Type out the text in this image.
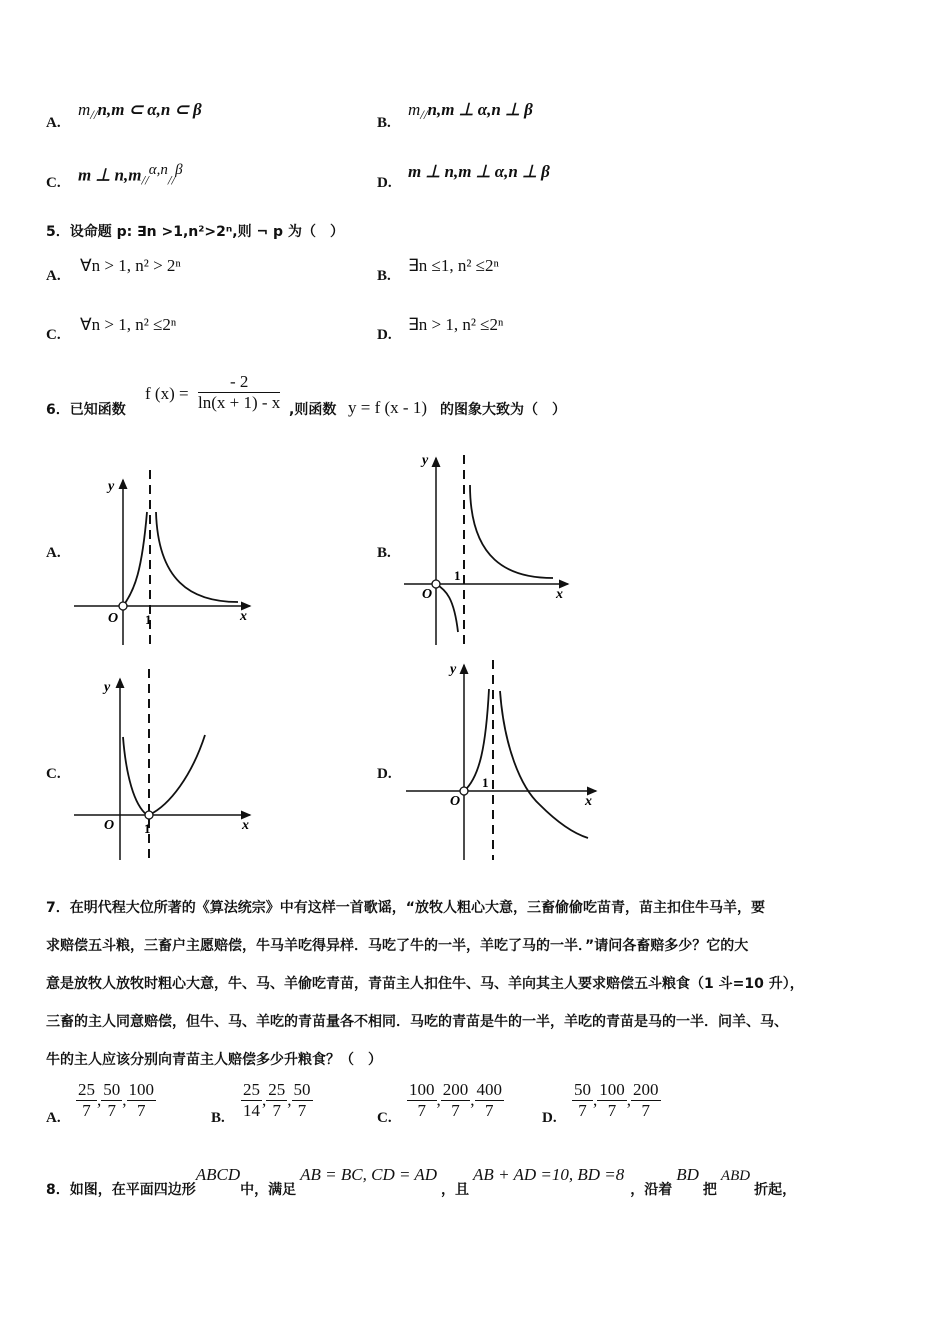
A.
$m_{//}n,m$ ⊂ α,n ⊂ β
B.
$m_{//}n,m$ ⊥ α,n ⊥ β
C. m ⊥ $n,m_{//}^{\alpha,n}_{//}^\beta$
D.
m ⊥ n,m ⊥ α,n ⊥ β
5．设命题 p: ∃n >1,n²>2ⁿ,则 ¬ p 为（　）
A.
∀n > 1, n² > 2ⁿ
B.
∃n ≤1, n² ≤2ⁿ
C.
∀n > 1, n² ≤2ⁿ
D.
∃n > 1, n² ≤2ⁿ
6．已知函数
f $(x) = \frac{- 2}{\ln(x + 1) - x}$ ,则函数 y = f (x - 1) 的图象大致为（　）
A.	B.
C.	D.
y
x
O 1
y
x
O
1
y
x
O 1
y
x
O
1
7．在明代程大位所著的《算法统宗》中有这样一首歌谣，“放牧人粗心大意，三畜偷偷吃苗青，苗主扣住牛马羊，要
求赔偿五斗粮，三畜户主愿赔偿，牛马羊吃得异样．马吃了牛的一半，羊吃了马的一半．”请问各畜赔多少？它的大
意是放牧人放牧时粗心大意，牛、马、羊偷吃青苗，青苗主人扣住牛、马、羊向其主人要求赔偿五斗粮食（1 斗=10 升），
三畜的主人同意赔偿，但牛、马、羊吃的青苗量各不相同．马吃的青苗是牛的一半，羊吃的青苗是马的一半．问羊、马、
牛的主人应该分别向青苗主人赔偿多少升粮食？（　）
A. $\frac{25}{7}$ , $\frac{50}{7}$ , $\frac{100}{7}$	B. $\frac{25}{14}$ , $\frac{25}{7}$ , $\frac{50}{7}$	C. $\frac{100}{7}$ , $\frac{200}{7}$ , $\frac{400}{7}$	D. $\frac{50}{7}$ , $\frac{100}{7}$ , $\frac{200}{7}$
8．如图，在平面四边形ABCD中，满足AB = BC, CD = AD，且AB + AD =10, BD =8，沿着BD把ABD折起，
